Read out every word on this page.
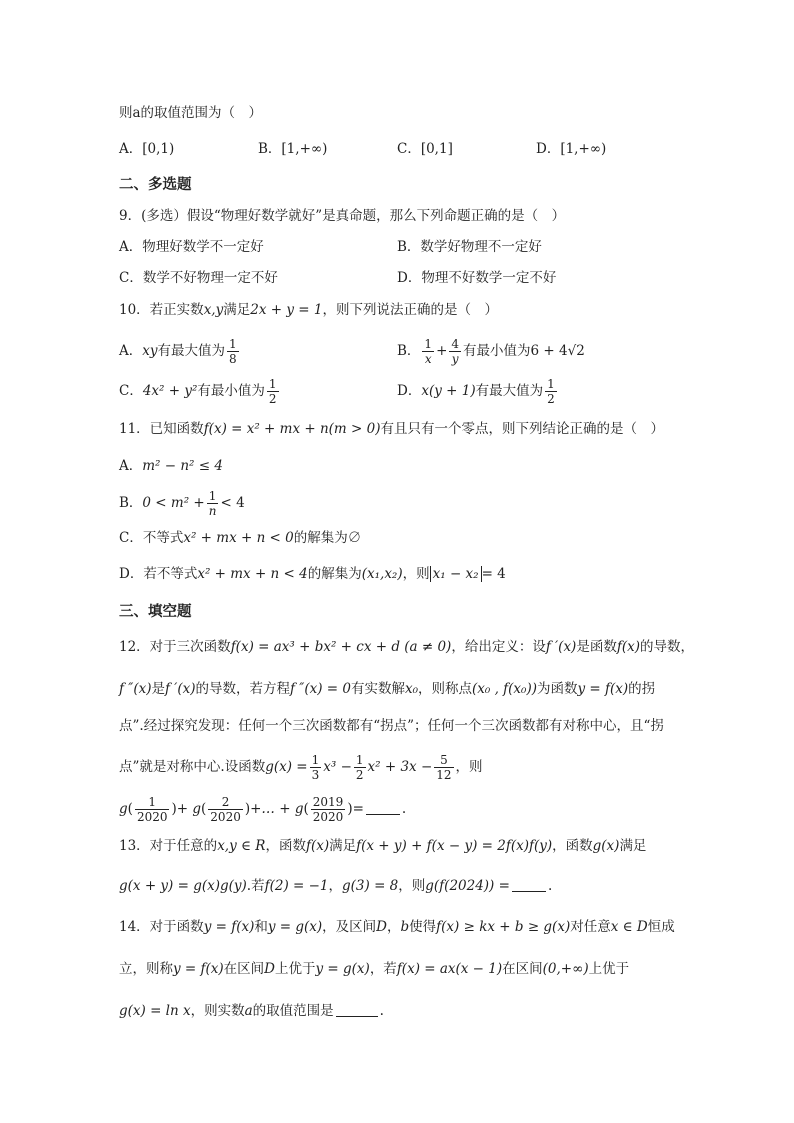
则a的取值范围为（　）
A．[0,1)	B．[1,+∞)	C．[0,1]	D．[1,+∞)
二、多选题
9．(多选）假设“物理好数学就好”是真命题，那么下列命题正确的是（　）
A．物理好数学不一定好	B．数学好物理不一定好
C．数学不好物理一定不好	D．物理不好数学一定不好
10．若正实数x,y满足2x + y = 1，则下列说法正确的是（　）
A．xy有最大值为 $\frac{1}{8}$	B． $\frac{1}{x} + \frac{4}{y}$ 有最小值为6 + 4√2
C．4x² + y²有最小值为 $\frac{1}{2}$	D．x(y + 1)有最大值为 $\frac{1}{2}$
11．已知函数f(x) = x² + mx + n(m > 0)有且只有一个零点，则下列结论正确的是（　）
A．m² − n² ≤ 4
B．$0 < m^2 + \frac{1}{n} < 4$
C．不等式x² + mx + n < 0的解集为∅
D．若不等式x² + mx + n < 4的解集为(x₁,x₂)，则 x₁ − x₂ = 4
三、填空题
12．对于三次函数f(x) = ax³ + bx² + cx + d (a ≠ 0)，给出定义：设f ′(x)是函数f(x)的导数，
f ″(x)是f ′(x)的导数，若方程f ″(x) = 0有实数解x₀，则称点(x₀ , f(x₀))为函数y = f(x)的拐
点”.经过探究发现：任何一个三次函数都有“拐点”；任何一个三次函数都有对称中心，且“拐
点”就是对称中心.设函数$g(x) = \frac{1}{3} x^3 - \frac{1}{2} x^2 + 3x - \frac{5}{12}$ ，则
$g( \frac{1}{2020}$ )+ $g( \frac{2}{2020}$ )+… + $g( \frac{2019}{2020}$ )=	.
13．对于任意的x,y ∈ R，函数f(x)满足f(x + y) + f(x − y) = 2f(x)f(y)，函数g(x)满足
g(x + y) = g(x)g(y).若f(2) = −1，g(3) = 8，则g(f(2024)) =	.
14．对于函数y = f(x)和y = g(x)，及区间D，b使得f(x) ≥ kx + b ≥ g(x)对任意x ∈ D恒成
立，则称y = f(x)在区间D上优于y = g(x)，若f(x) = ax(x − 1)在区间(0,+∞)上优于
g(x) = ln x，则实数a的取值范围是	.
